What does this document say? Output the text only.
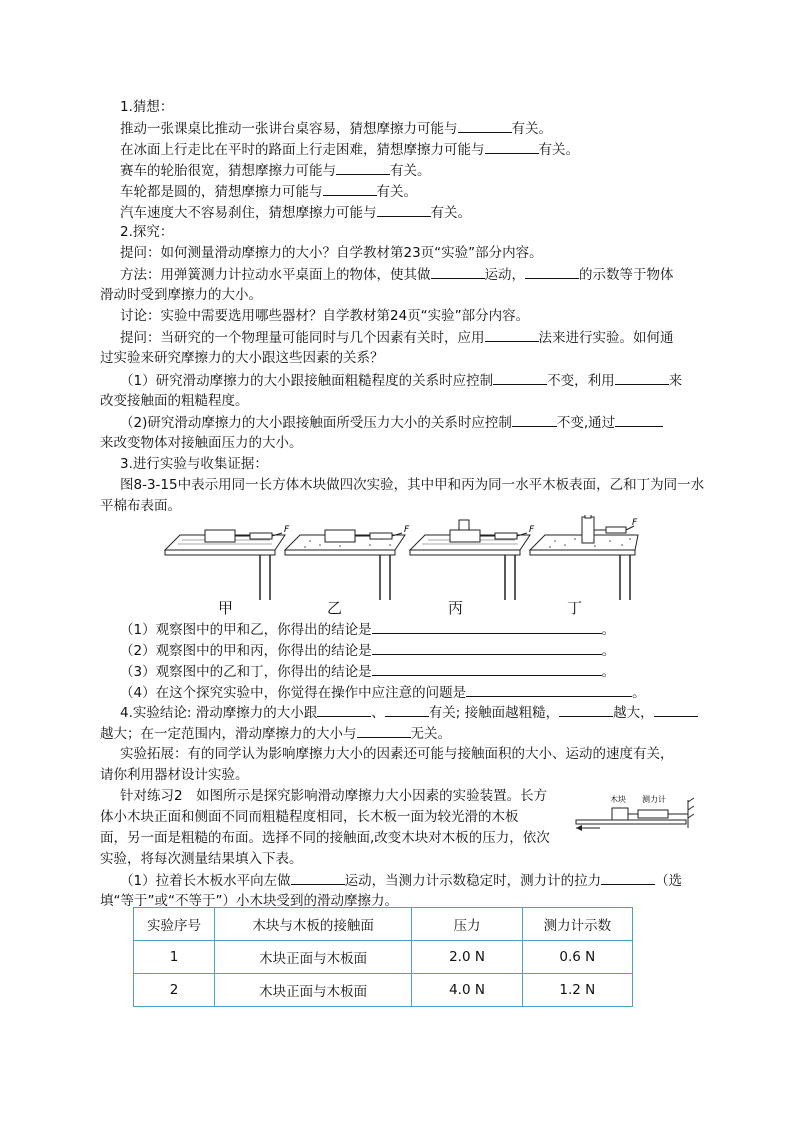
1.猜想：
推动一张课桌比推动一张讲台桌容易，猜想摩擦力可能与	有关。
在冰面上行走比在平时的路面上行走困难，猜想摩擦力可能与	有关。
赛车的轮胎很宽，猜想摩擦力可能与	有关。
车轮都是圆的，猜想摩擦力可能与	有关。
汽车速度大不容易刹住，猜想摩擦力可能与	有关。
2.探究：
提问：如何测量滑动摩擦力的大小？自学教材第23页“实验”部分内容。
方法：用弹簧测力计拉动水平桌面上的物体，使其做	运动，	的示数等于物体
滑动时受到摩擦力的大小。
讨论：实验中需要选用哪些器材？自学教材第24页“实验”部分内容。
提问：当研究的一个物理量可能同时与几个因素有关时，应用	法来进行实验。如何通
过实验来研究摩擦力的大小跟这些因素的关系？
（1）研究滑动摩擦力的大小跟接触面粗糙程度的关系时应控制	不变，利用	来
改变接触面的粗糙程度。
（2)研究滑动摩擦力的大小跟接触面所受压力大小的关系时应控制	不变,通过
来改变物体对接触面压力的大小。
3.进行实验与收集证据：
图8-3-15中表示用同一长方体木块做四次实验，其中甲和丙为同一水平木板表面，乙和丁为同一水
平棉布表面。
F	F	F
F
甲	乙	丙	丁
（1）观察图中的甲和乙，你得出的结论是	。
（2）观察图中的甲和丙，你得出的结论是	。
（3）观察图中的乙和丁，你得出的结论是	。
（4）在这个探究实验中，你觉得在操作中应注意的问题是	。
4.实验结论: 滑动摩擦力的大小跟	、	有关; 接触面越粗糙，	越大，
越大；在一定范围内，滑动摩擦力的大小与	无关。
实验拓展：有的同学认为影响摩擦力大小的因素还可能与接触面积的大小、运动的速度有关，
请你利用器材设计实验。
针对练习2　如图所示是探究影响滑动摩擦力大小因素的实验装置。长方
体小木块正面和侧面不同而粗糙程度相同，长木板一面为较光滑的木板
面，另一面是粗糙的布面。选择不同的接触面,改变木块对木板的压力，依次
实验，将每次测量结果填入下表。
木块 测力计
（1）拉着长木板水平向左做	运动，当测力计示数稳定时，测力计的拉力	（选
填“等于”或“不等于”）小木块受到的滑动摩擦力。
实验序号	木块与木板的接触面	压力	测力计示数
1	木块正面与木板面	2.0 N	0.6 N
2	木块正面与木板面	4.0 N	1.2 N
